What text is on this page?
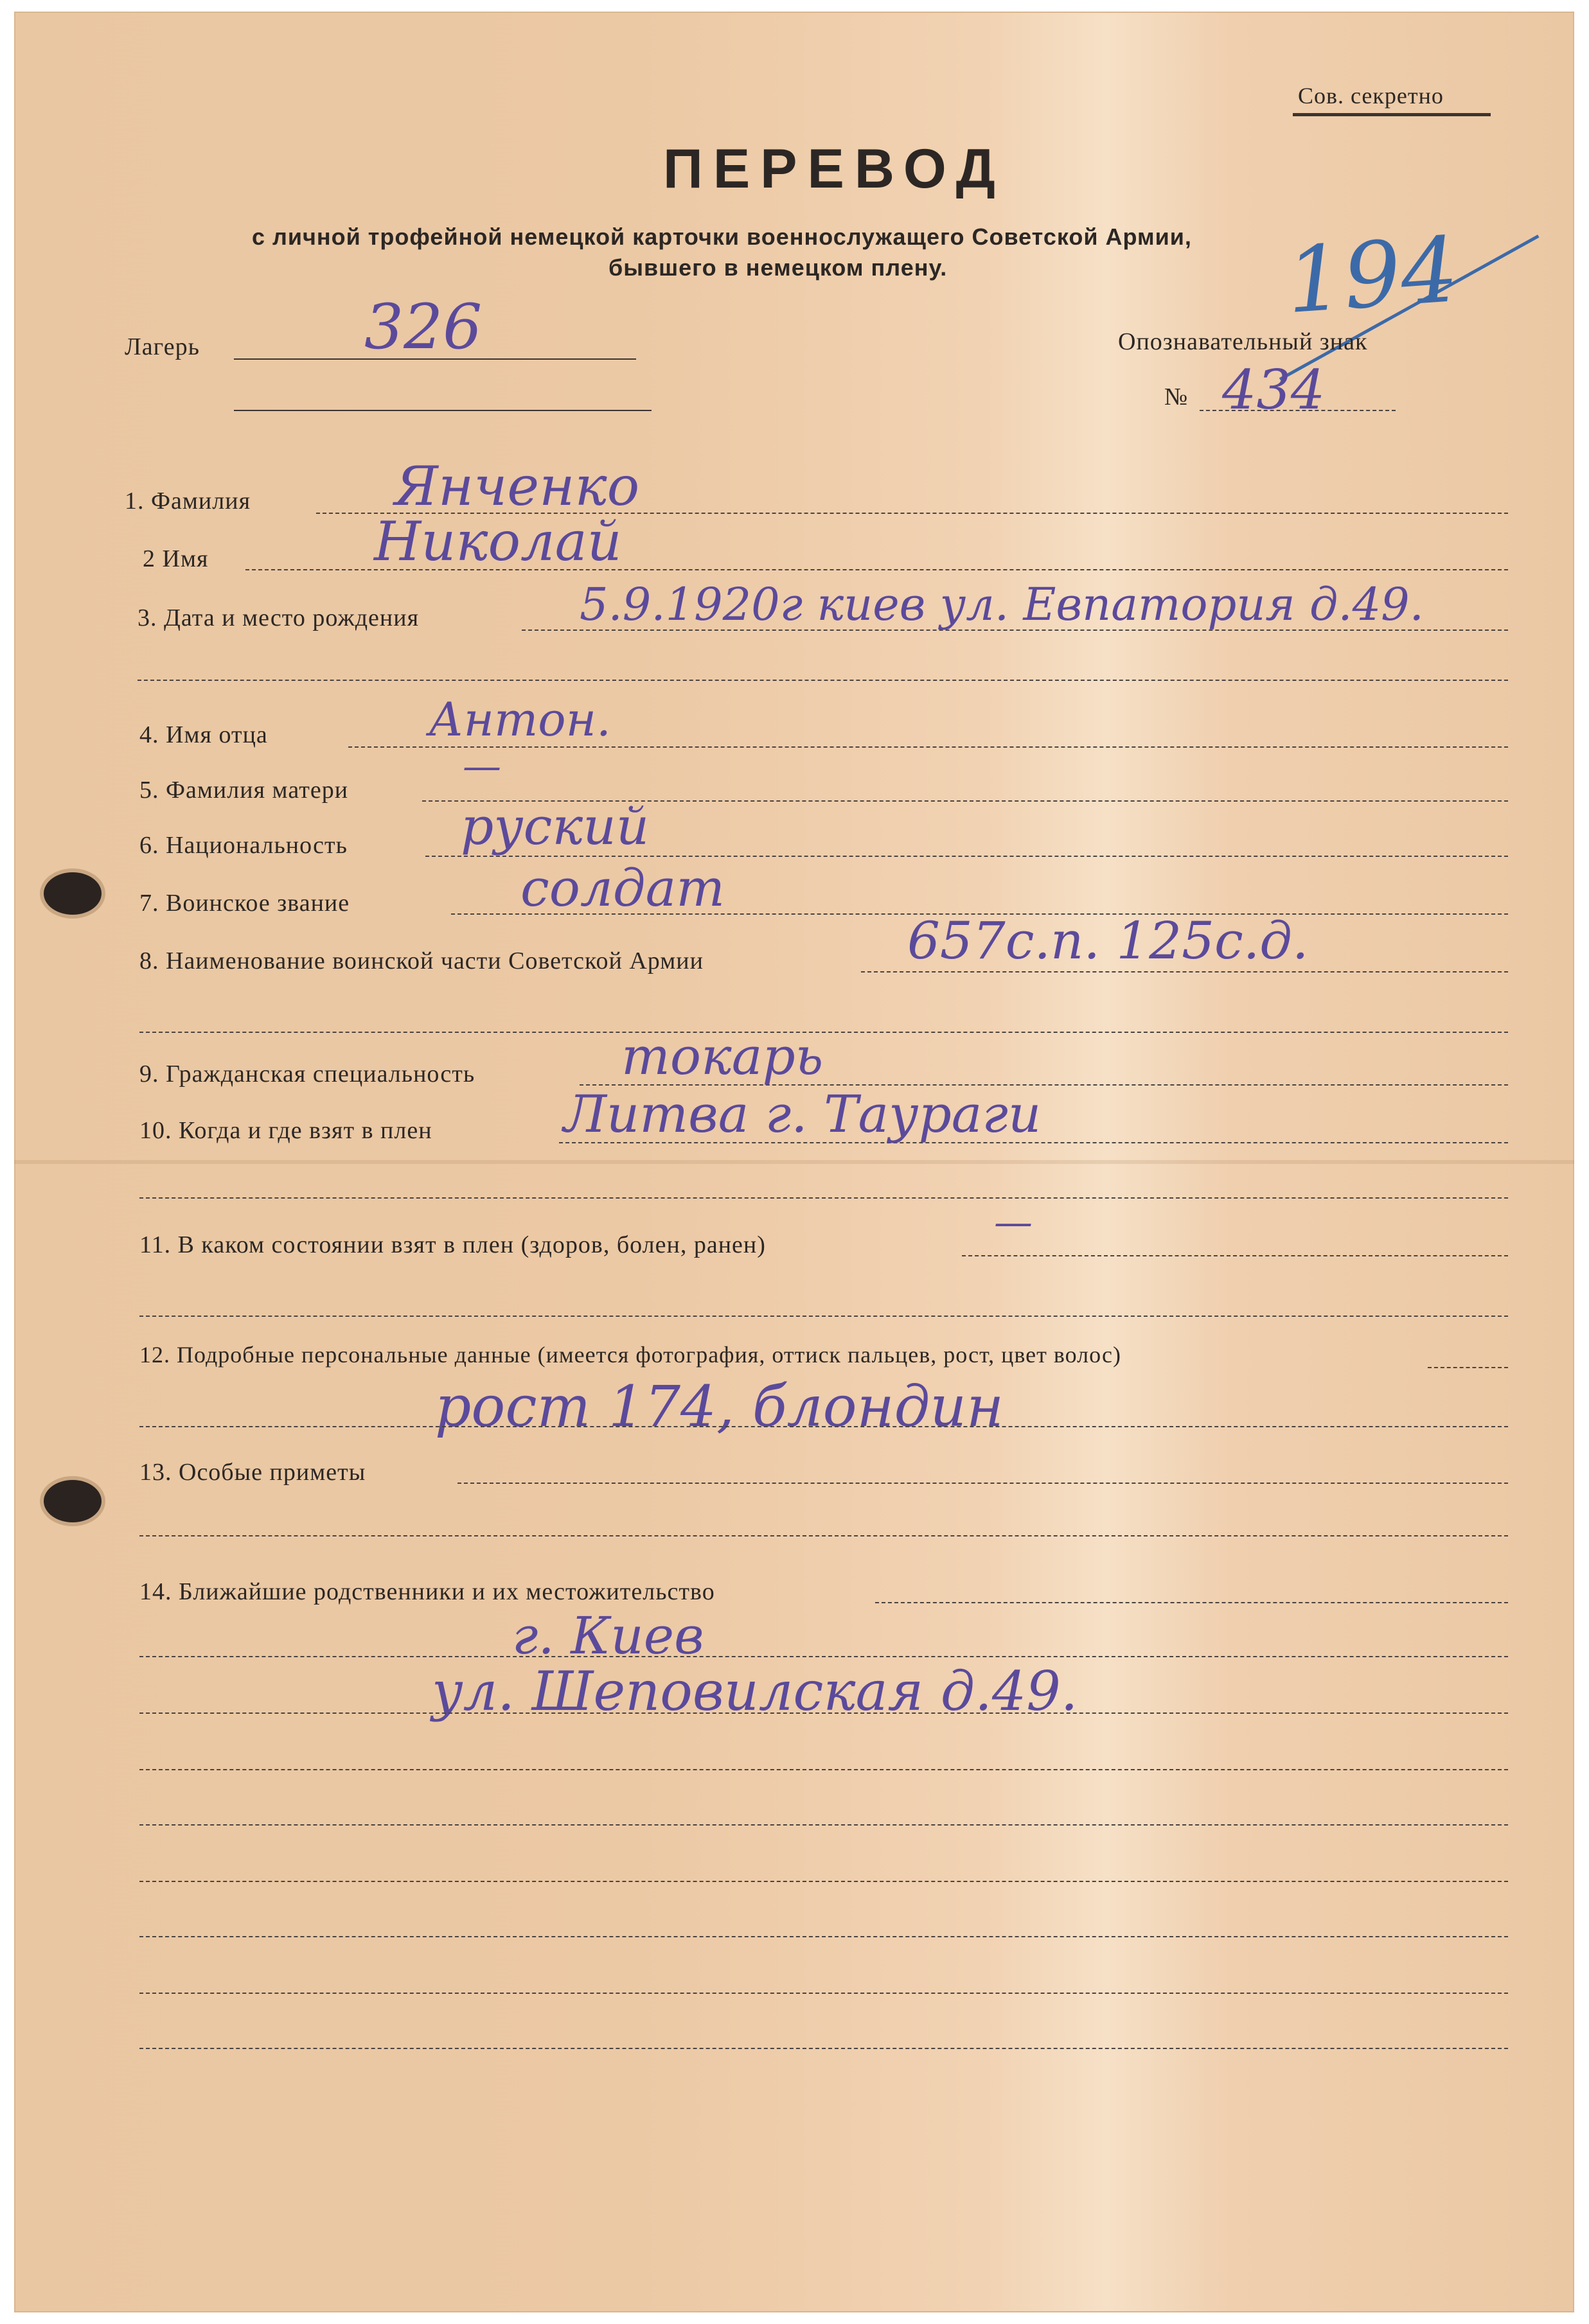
Сов. секретно
ПЕРЕВОД
с личной трофейной немецкой карточки военнослужащего Советской Армии,
бывшего в немецком плену.	194
Лагерь	326	Опознавательный знак
№ 434
1. Фамилия	Янченко
2 Имя	Николай
3. Дата и место рождения	5.9.1920г киев ул. Евпатория д.49.
4. Имя отца	Антон.
5. Фамилия матери
—
6. Национальность руский
7. Воинское звание	солдат
8. Наименование воинской части Советской Армии	657с.п. 125с.д.
9. Гражданская специальность	токарь
10. Когда и где взят в плен	Литва г. Таураги
11. В каком состоянии взят в плен (здоров, болен, ранен)	—
12. Подробные персональные данные (имеется фотография, оттиск пальцев, рост, цвет волос)
рост 174, блондин
13. Особые приметы
14. Ближайшие родственники и их местожительство
г. Киев
ул. Шеповилская д.49.
